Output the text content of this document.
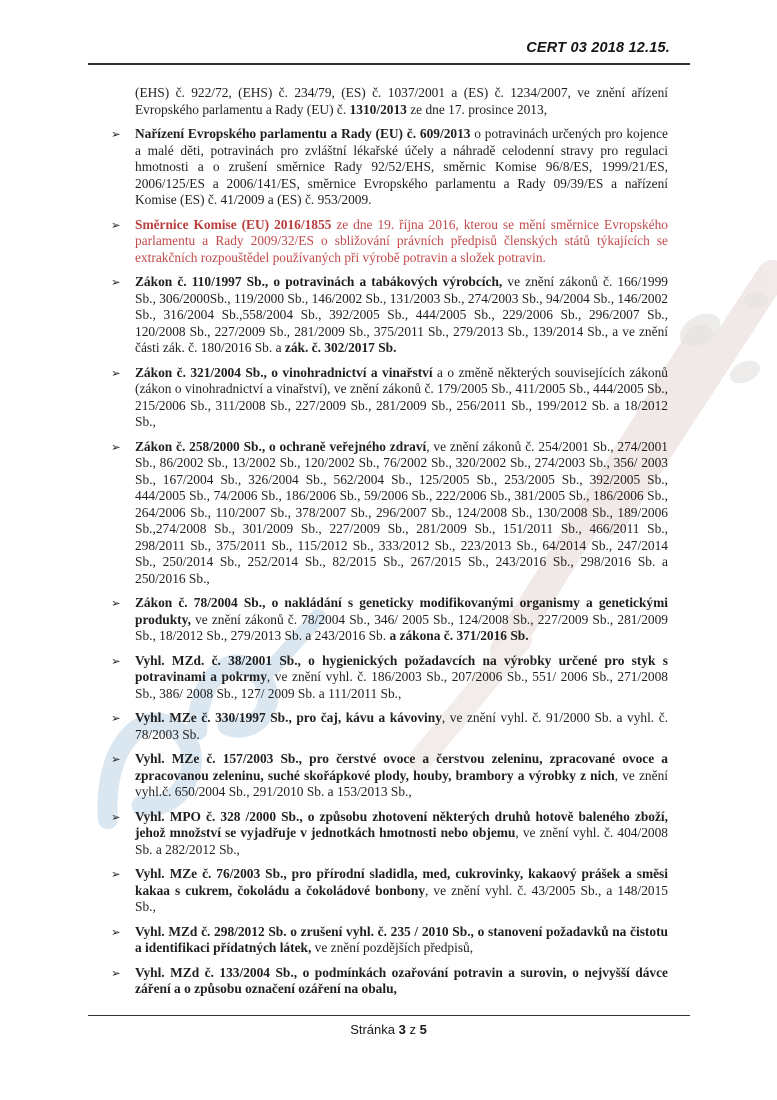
CERT 03 2018 12.15.
(EHS) č. 922/72, (EHS) č. 234/79, (ES) č. 1037/2001 a (ES) č. 1234/2007, ve znění ařízení Evropského parlamentu a Rady (EU) č. 1310/2013 ze dne 17. prosince 2013,
➢ Nařízení Evropského parlamentu a Rady (EU) č. 609/2013 o potravinách určených pro kojence a malé děti, potravinách pro zvláštní lékařské účely a náhradě celodenní stravy pro regulaci hmotnosti a o zrušení směrnice Rady 92/52/EHS, směrnic Komise 96/8/ES, 1999/21/ES, 2006/125/ES a 2006/141/ES, směrnice Evropského parlamentu a Rady 09/39/ES a nařízení Komise (ES) č. 41/2009 a (ES) č. 953/2009.
➢ Směrnice Komise (EU) 2016/1855 ze dne 19. října 2016, kterou se mění směrnice Evropského parlamentu a Rady 2009/32/ES o sbližování právních předpisů členských států týkajících se extrakčních rozpouštědel používaných při výrobě potravin a složek potravin.
➢ Zákon č. 110/1997 Sb., o potravinách a tabákových výrobcích, ve znění zákonů č. 166/1999 Sb., 306/2000Sb., 119/2000 Sb., 146/2002 Sb., 131/2003 Sb., 274/2003 Sb., 94/2004 Sb., 146/2002 Sb., 316/2004 Sb.,558/2004 Sb., 392/2005 Sb., 444/2005 Sb., 229/2006 Sb., 296/2007 Sb., 120/2008 Sb., 227/2009 Sb., 281/2009 Sb., 375/2011 Sb., 279/2013 Sb., 139/2014 Sb., a ve znění části zák. č. 180/2016 Sb. a zák. č. 302/2017 Sb.
➢ Zákon č. 321/2004 Sb., o vinohradnictví a vinařství a o změně některých souvisejících zákonů (zákon o vinohradnictví a vinařství), ve znění zákonů č. 179/2005 Sb., 411/2005 Sb., 444/2005 Sb., 215/2006 Sb., 311/2008 Sb., 227/2009 Sb., 281/2009 Sb., 256/2011 Sb., 199/2012 Sb. a 18/2012 Sb.,
➢ Zákon č. 258/2000 Sb., o ochraně veřejného zdraví, ve znění zákonů č. 254/2001 Sb., 274/2001 Sb., 86/2002 Sb., 13/2002 Sb., 120/2002 Sb., 76/2002 Sb., 320/2002 Sb., 274/2003 Sb., 356/ 2003 Sb., 167/2004 Sb., 326/2004 Sb., 562/2004 Sb., 125/2005 Sb., 253/2005 Sb., 392/2005 Sb., 444/2005 Sb., 74/2006 Sb., 186/2006 Sb., 59/2006 Sb., 222/2006 Sb., 381/2005 Sb., 186/2006 Sb., 264/2006 Sb., 110/2007 Sb., 378/2007 Sb., 296/2007 Sb., 124/2008 Sb., 130/2008 Sb., 189/2006 Sb.,274/2008 Sb., 301/2009 Sb., 227/2009 Sb., 281/2009 Sb., 151/2011 Sb., 466/2011 Sb., 298/2011 Sb., 375/2011 Sb., 115/2012 Sb., 333/2012 Sb., 223/2013 Sb., 64/2014 Sb., 247/2014 Sb., 250/2014 Sb., 252/2014 Sb., 82/2015 Sb., 267/2015 Sb., 243/2016 Sb., 298/2016 Sb. a 250/2016 Sb.,
➢ Zákon č. 78/2004 Sb., o nakládání s geneticky modifikovanými organismy a genetickými produkty, ve znění zákonů č. 78/2004 Sb., 346/ 2005 Sb., 124/2008 Sb., 227/2009 Sb., 281/2009 Sb., 18/2012 Sb., 279/2013 Sb. a 243/2016 Sb. a zákona č. 371/2016 Sb.
➢ Vyhl. MZd. č. 38/2001 Sb., o hygienických požadavcích na výrobky určené pro styk s potravinami a pokrmy, ve znění vyhl. č. 186/2003 Sb., 207/2006 Sb., 551/ 2006 Sb., 271/2008 Sb., 386/ 2008 Sb., 127/ 2009 Sb. a 111/2011 Sb.,
➢ Vyhl. MZe č. 330/1997 Sb., pro čaj, kávu a kávoviny, ve znění vyhl. č. 91/2000 Sb. a vyhl. č. 78/2003 Sb.
➢ Vyhl. MZe č. 157/2003 Sb., pro čerstvé ovoce a čerstvou zeleninu, zpracované ovoce a zpracovanou zeleninu, suché skořápkové plody, houby, brambory a výrobky z nich, ve znění vyhl.č. 650/2004 Sb., 291/2010 Sb. a 153/2013 Sb.,
➢ Vyhl. MPO č. 328 /2000 Sb., o způsobu zhotovení některých druhů hotově baleného zboží, jehož množství se vyjadřuje v jednotkách hmotnosti nebo objemu, ve znění vyhl. č. 404/2008 Sb. a 282/2012 Sb.,
➢ Vyhl. MZe č. 76/2003 Sb., pro přírodní sladidla, med, cukrovinky, kakaový prášek a směsi kakaa s cukrem, čokoládu a čokoládové bonbony, ve znění vyhl. č. 43/2005 Sb., a 148/2015 Sb.,
➢ Vyhl. MZd č. 298/2012 Sb. o zrušení vyhl. č. 235 / 2010 Sb., o stanovení požadavků na čistotu a identifikaci přídatných látek, ve znění pozdějších předpisů,
➢ Vyhl. MZd č. 133/2004 Sb., o podmínkách ozařování potravin a surovin, o nejvyšší dávce záření a o způsobu označení ozáření na obalu,
Stránka 3 z 5
